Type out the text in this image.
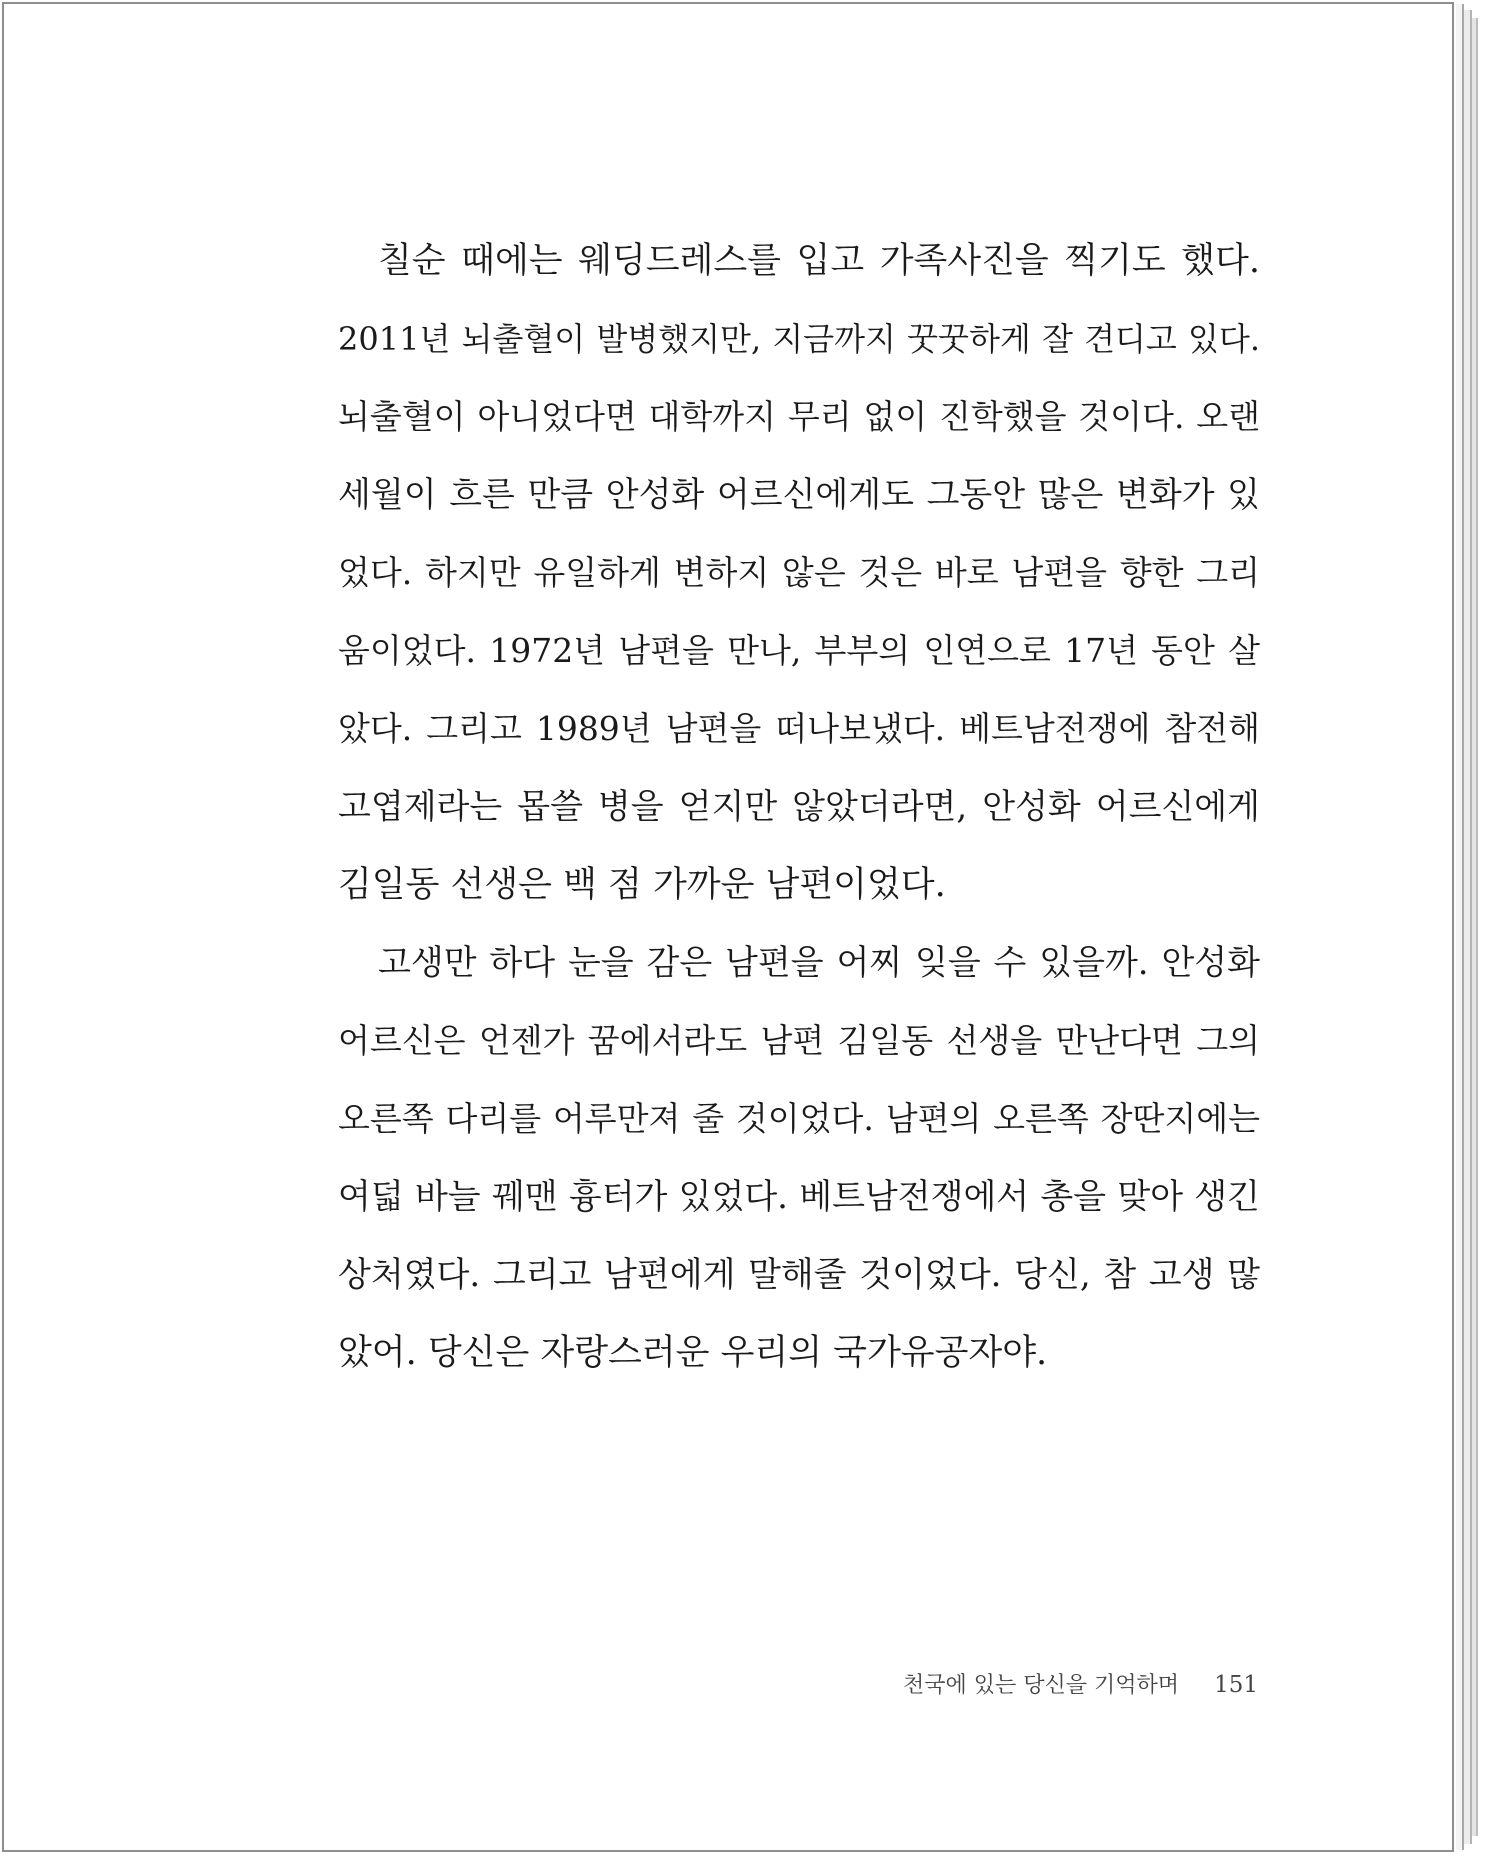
칠순 때에는 웨딩드레스를 입고 가족사진을 찍기도 했다.
2011년 뇌출혈이 발병했지만, 지금까지 꿋꿋하게 잘 견디고 있다.
뇌출혈이 아니었다면 대학까지 무리 없이 진학했을 것이다. 오랜
세월이 흐른 만큼 안성화 어르신에게도 그동안 많은 변화가 있
었다. 하지만 유일하게 변하지 않은 것은 바로 남편을 향한 그리
움이었다. 1972년 남편을 만나, 부부의 인연으로 17년 동안 살
았다. 그리고 1989년 남편을 떠나보냈다. 베트남전쟁에 참전해
고엽제라는 몹쓸 병을 얻지만 않았더라면, 안성화 어르신에게
김일동 선생은 백 점 가까운 남편이었다.
고생만 하다 눈을 감은 남편을 어찌 잊을 수 있을까. 안성화
어르신은 언젠가 꿈에서라도 남편 김일동 선생을 만난다면 그의
오른쪽 다리를 어루만져 줄 것이었다. 남편의 오른쪽 장딴지에는
여덟 바늘 꿰맨 흉터가 있었다. 베트남전쟁에서 총을 맞아 생긴
상처였다. 그리고 남편에게 말해줄 것이었다. 당신, 참 고생 많
았어. 당신은 자랑스러운 우리의 국가유공자야.
천국에 있는 당신을 기억하며 151
